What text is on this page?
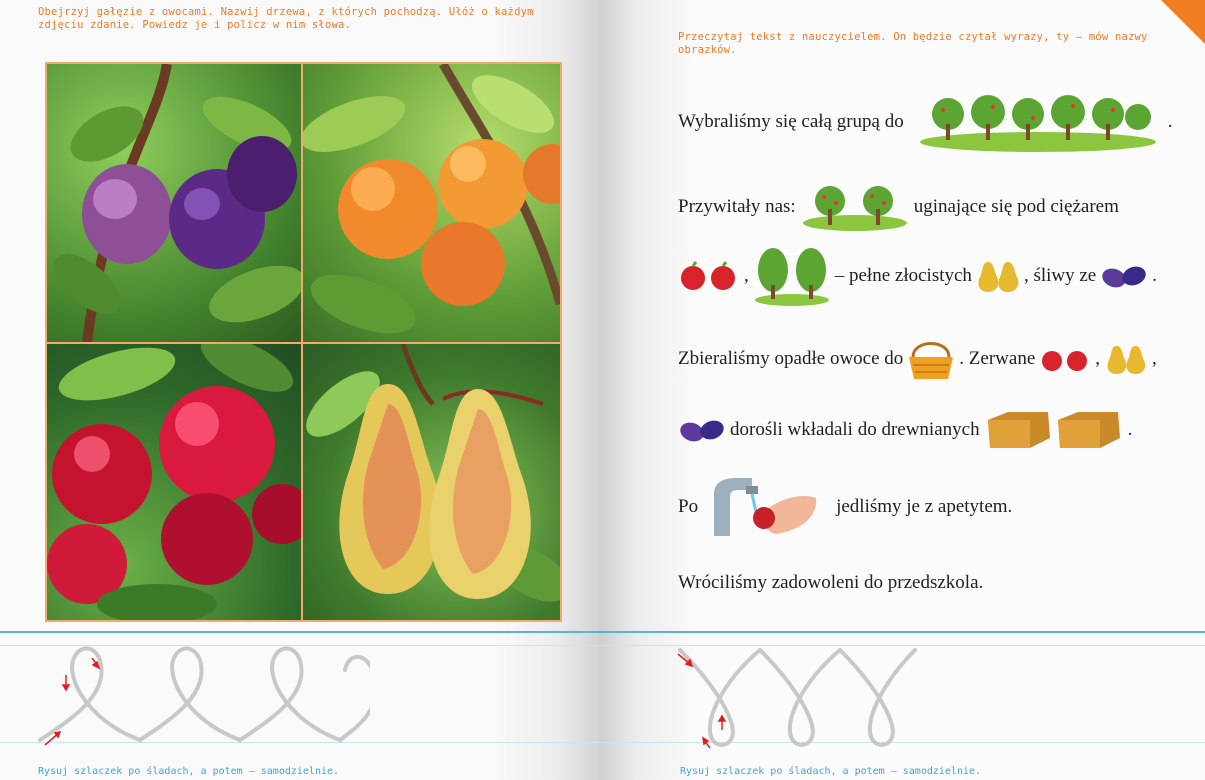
Obejrzyj gałęzie z owocami. Nazwij drzewa, z których pochodzą. Ułóż o każdym zdjęciu zdanie. Powiedz je i policz w nim słowa.
Rysuj szlaczek po śladach, a potem – samodzielnie.
Przeczytaj tekst z nauczycielem. On będzie czytał wyrazy, ty – mów nazwy obrazków.
Wybraliśmy się całą grupą do	.
Przywitały nas:	uginające się pod ciężarem
,	– pełne złocistych	, śliwy ze	.
Zbieraliśmy opadłe owoce do	. Zerwane	,	,
dorośli wkładali do drewnianych	.
Po	jedliśmy je z apetytem.
Wróciliśmy zadowoleni do przedszkola.
Rysuj szlaczek po śladach, a potem – samodzielnie.
